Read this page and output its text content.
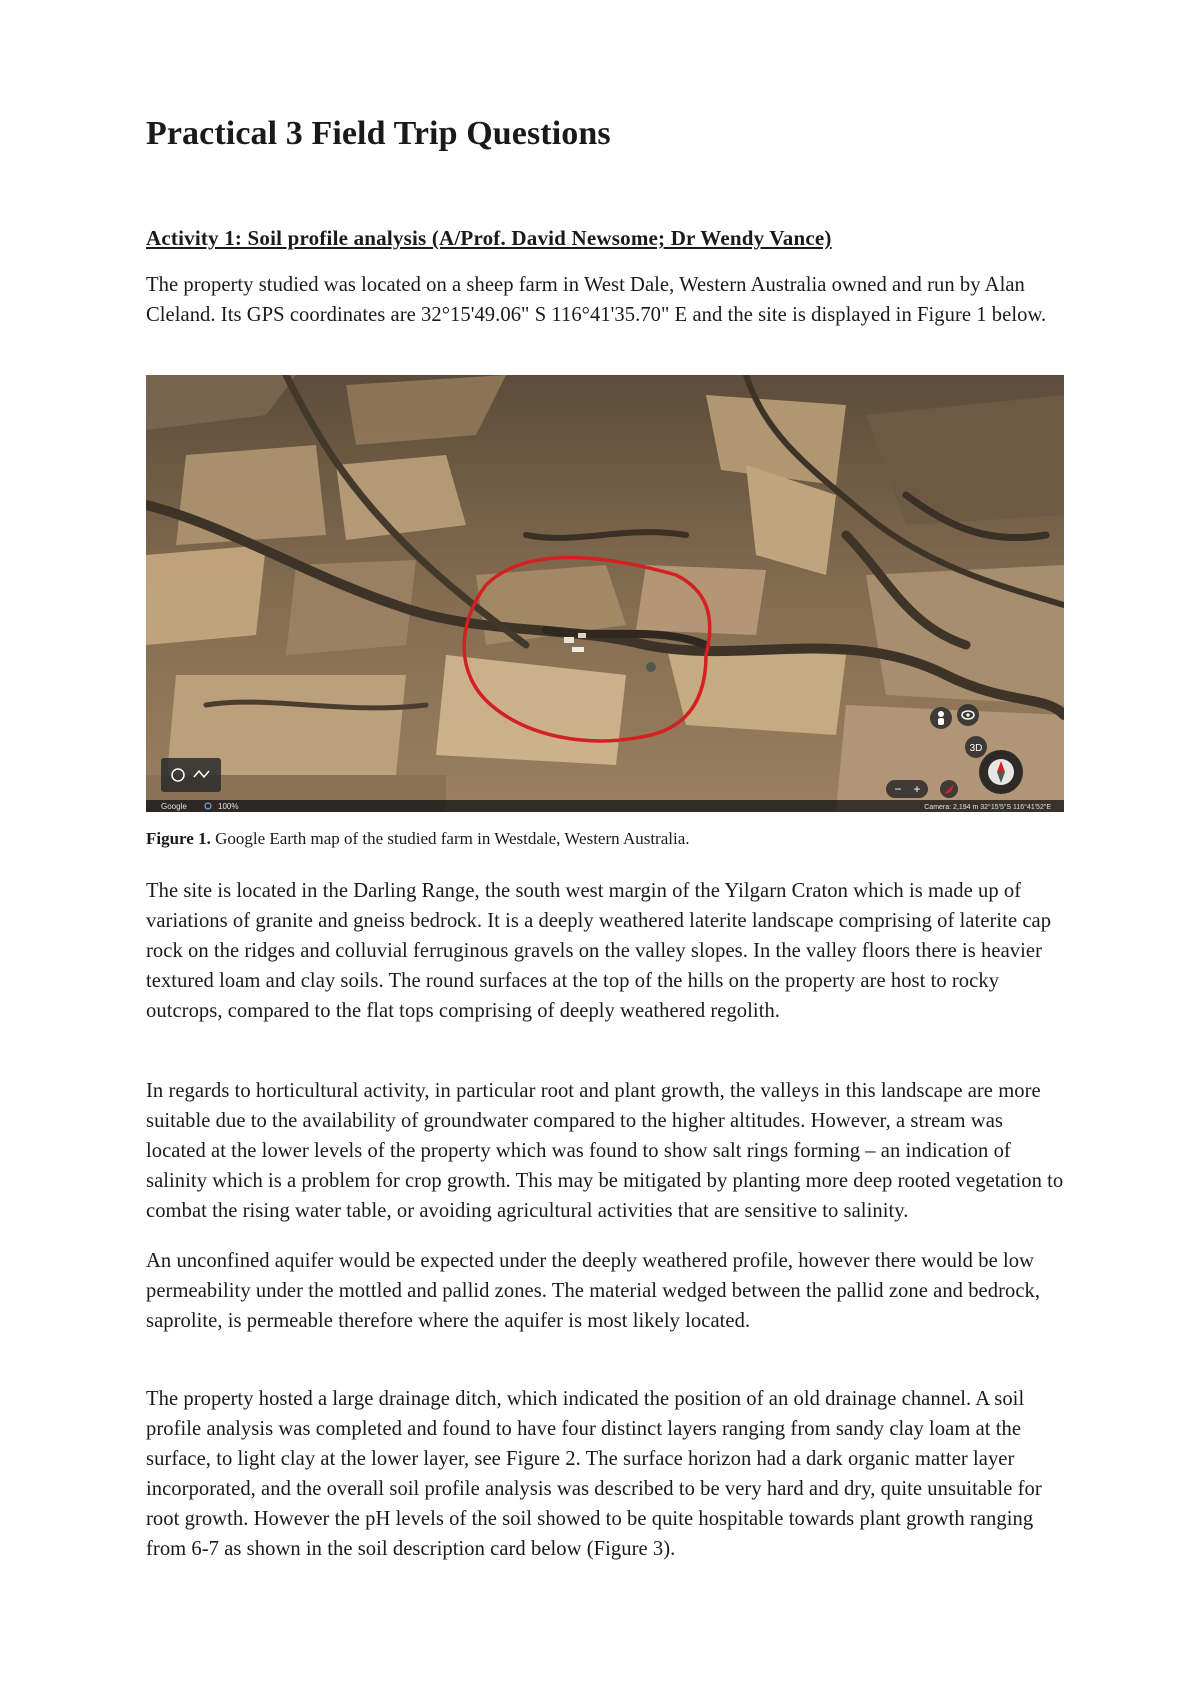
Practical 3 Field Trip Questions
Activity 1: Soil profile analysis (A/Prof. David Newsome; Dr Wendy Vance)

The property studied was located on a sheep farm in West Dale, Western Australia owned and run by Alan Cleland. Its GPS coordinates are 32°15'49.06" S 116°41'35.70" E and the site is displayed in Figure 1 below.

3D
− +
Google	100%	Camera: 2,194 m 32°15'5"S 116°41'52"E

Figure 1. Google Earth map of the studied farm in Westdale, Western Australia.

The site is located in the Darling Range, the south west margin of the Yilgarn Craton which is made up of variations of granite and gneiss bedrock. It is a deeply weathered laterite landscape comprising of laterite cap rock on the ridges and colluvial ferruginous gravels on the valley slopes. In the valley floors there is heavier textured loam and clay soils. The round surfaces at the top of the hills on the property are host to rocky outcrops, compared to the flat tops comprising of deeply weathered regolith.

In regards to horticultural activity, in particular root and plant growth, the valleys in this landscape are more suitable due to the availability of groundwater compared to the higher altitudes. However, a stream was located at the lower levels of the property which was found to show salt rings forming – an indication of salinity which is a problem for crop growth. This may be mitigated by planting more deep rooted vegetation to combat the rising water table, or avoiding agricultural activities that are sensitive to salinity.

An unconfined aquifer would be expected under the deeply weathered profile, however there would be low permeability under the mottled and pallid zones. The material wedged between the pallid zone and bedrock, saprolite, is permeable therefore where the aquifer is most likely located.

The property hosted a large drainage ditch, which indicated the position of an old drainage channel. A soil profile analysis was completed and found to have four distinct layers ranging from sandy clay loam at the surface, to light clay at the lower layer, see Figure 2. The surface horizon had a dark organic matter layer incorporated, and the overall soil profile analysis was described to be very hard and dry, quite unsuitable for root growth. However the pH levels of the soil showed to be quite hospitable towards plant growth ranging from 6-7 as shown in the soil description card below (Figure 3).
